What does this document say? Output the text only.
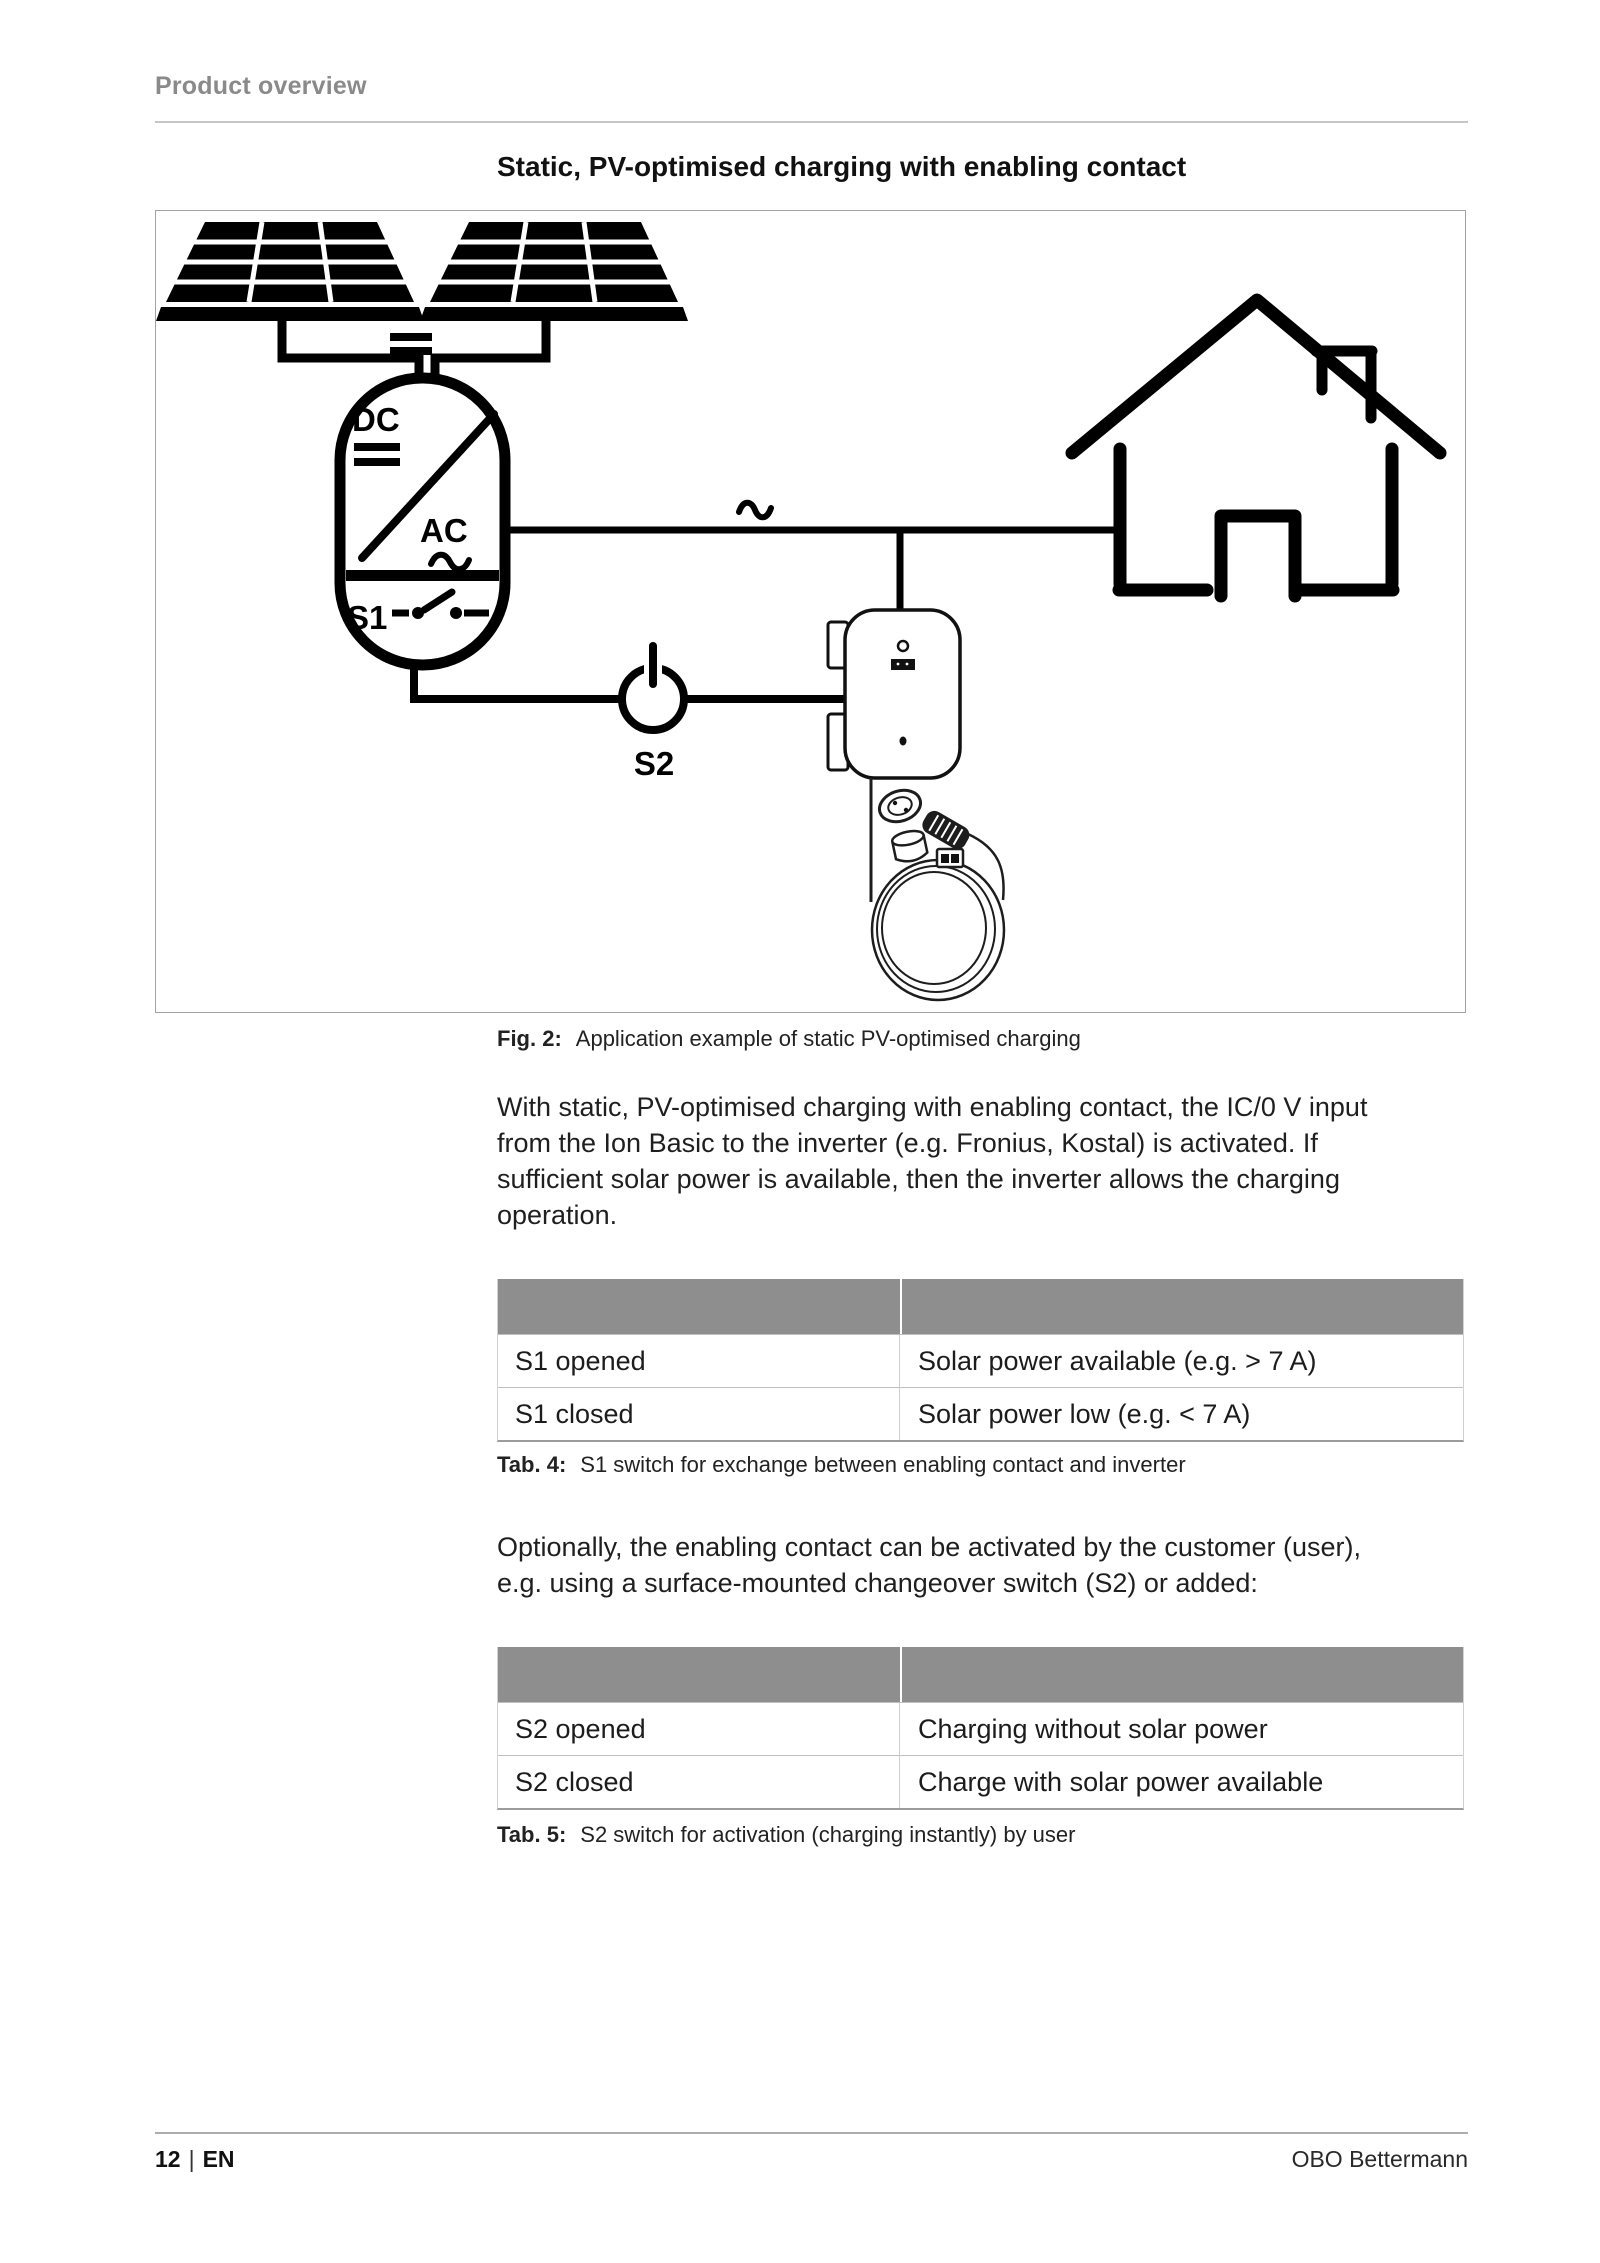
Product overview
Static, PV-optimised charging with enabling contact
DC
AC
S1
S2
Fig. 2: Application example of static PV-optimised charging
With static, PV-optimised charging with enabling contact, the IC/0 V input
from the Ion Basic to the inverter (e.g. Fronius, Kostal) is activated. If
sufficient solar power is available, then the inverter allows the charging
operation.
S1 opened	Solar power available (e.g. > 7 A)
S1 closed	Solar power low (e.g. < 7 A)
Tab. 4: S1 switch for exchange between enabling contact and inverter
Optionally, the enabling contact can be activated by the customer (user),
e.g. using a surface-mounted changeover switch (S2) or added:
S2 opened	Charging without solar power
S2 closed	Charge with solar power available
Tab. 5: S2 switch for activation (charging instantly) by user
12 | EN	OBO Bettermann
